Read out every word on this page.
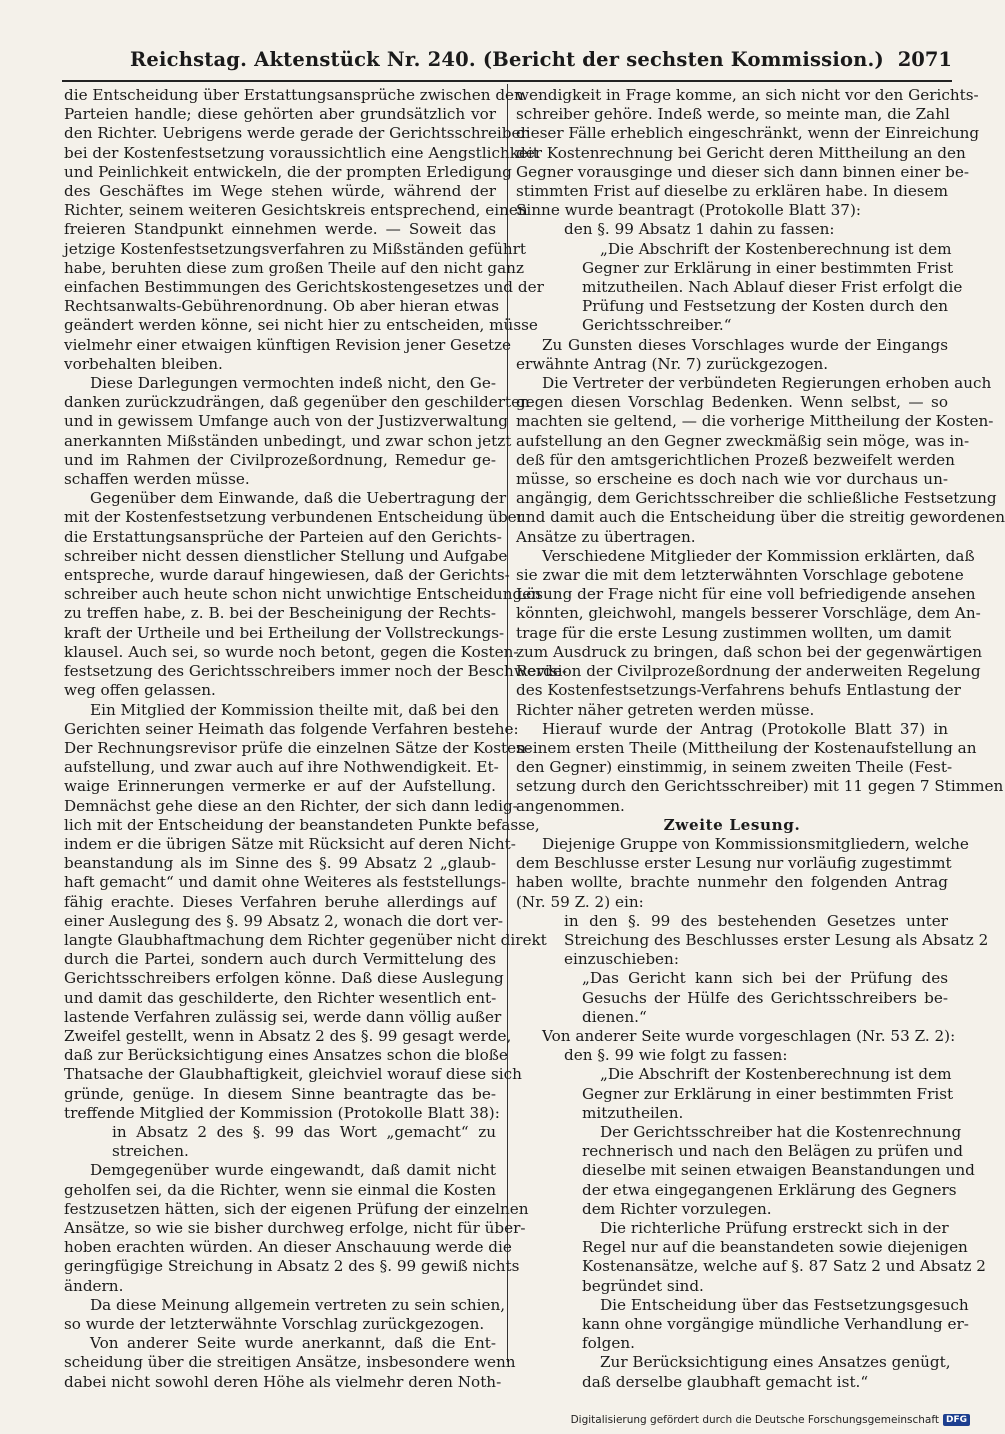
Reichstag. Aktenstück Nr. 240. (Bericht der sechsten Kommission.) 2071
die Entscheidung über Erstattungsansprüche zwischen den
Parteien handle; diese gehörten aber grundsätzlich vor
den Richter. Uebrigens werde gerade der Gerichtsschreiber
bei der Kostenfestsetzung voraussichtlich eine Aengstlichkeit
und Peinlichkeit entwickeln, die der prompten Erledigung
des Geschäftes im Wege stehen würde, während der
Richter, seinem weiteren Gesichtskreis entsprechend, einen
freieren Standpunkt einnehmen werde. — Soweit das
jetzige Kostenfestsetzungsverfahren zu Mißständen geführt
habe, beruhten diese zum großen Theile auf den nicht ganz
einfachen Bestimmungen des Gerichtskostengesetzes und der
Rechtsanwalts-Gebührenordnung. Ob aber hieran etwas
geändert werden könne, sei nicht hier zu entscheiden, müsse
vielmehr einer etwaigen künftigen Revision jener Gesetze
vorbehalten bleiben.
Diese Darlegungen vermochten indeß nicht, den Ge-
danken zurückzudrängen, daß gegenüber den geschilderten
und in gewissem Umfange auch von der Justizverwaltung
anerkannten Mißständen unbedingt, und zwar schon jetzt
und im Rahmen der Civilprozeßordnung, Remedur ge-
schaffen werden müsse.
Gegenüber dem Einwande, daß die Uebertragung der
mit der Kostenfestsetzung verbundenen Entscheidung über
die Erstattungsansprüche der Parteien auf den Gerichts-
schreiber nicht dessen dienstlicher Stellung und Aufgabe
entspreche, wurde darauf hingewiesen, daß der Gerichts-
schreiber auch heute schon nicht unwichtige Entscheidungen
zu treffen habe, z. B. bei der Bescheinigung der Rechts-
kraft der Urtheile und bei Ertheilung der Vollstreckungs-
klausel. Auch sei, so wurde noch betont, gegen die Kosten-
festsetzung des Gerichtsschreibers immer noch der Beschwerde-
weg offen gelassen.
Ein Mitglied der Kommission theilte mit, daß bei den
Gerichten seiner Heimath das folgende Verfahren bestehe:
Der Rechnungsrevisor prüfe die einzelnen Sätze der Kosten-
aufstellung, und zwar auch auf ihre Nothwendigkeit. Et-
waige Erinnerungen vermerke er auf der Aufstellung.
Demnächst gehe diese an den Richter, der sich dann ledig-
lich mit der Entscheidung der beanstandeten Punkte befasse,
indem er die übrigen Sätze mit Rücksicht auf deren Nicht-
beanstandung als im Sinne des §. 99 Absatz 2 „glaub-
haft gemacht“ und damit ohne Weiteres als feststellungs-
fähig erachte. Dieses Verfahren beruhe allerdings auf
einer Auslegung des §. 99 Absatz 2, wonach die dort ver-
langte Glaubhaftmachung dem Richter gegenüber nicht direkt
durch die Partei, sondern auch durch Vermittelung des
Gerichtsschreibers erfolgen könne. Daß diese Auslegung
und damit das geschilderte, den Richter wesentlich ent-
lastende Verfahren zulässig sei, werde dann völlig außer
Zweifel gestellt, wenn in Absatz 2 des §. 99 gesagt werde,
daß zur Berücksichtigung eines Ansatzes schon die bloße
Thatsache der Glaubhaftigkeit, gleichviel worauf diese sich
gründe, genüge. In diesem Sinne beantragte das be-
treffende Mitglied der Kommission (Protokolle Blatt 38):
in Absatz 2 des §. 99 das Wort „gemacht“ zu
streichen.
Demgegenüber wurde eingewandt, daß damit nicht
geholfen sei, da die Richter, wenn sie einmal die Kosten
festzusetzen hätten, sich der eigenen Prüfung der einzelnen
Ansätze, so wie sie bisher durchweg erfolge, nicht für über-
hoben erachten würden. An dieser Anschauung werde die
geringfügige Streichung in Absatz 2 des §. 99 gewiß nichts
ändern.
Da diese Meinung allgemein vertreten zu sein schien,
so wurde der letzterwähnte Vorschlag zurückgezogen.
Von anderer Seite wurde anerkannt, daß die Ent-
scheidung über die streitigen Ansätze, insbesondere wenn
dabei nicht sowohl deren Höhe als vielmehr deren Noth-
wendigkeit in Frage komme, an sich nicht vor den Gerichts-
schreiber gehöre. Indeß werde, so meinte man, die Zahl
dieser Fälle erheblich eingeschränkt, wenn der Einreichung
der Kostenrechnung bei Gericht deren Mittheilung an den
Gegner vorausginge und dieser sich dann binnen einer be-
stimmten Frist auf dieselbe zu erklären habe. In diesem
Sinne wurde beantragt (Protokolle Blatt 37):
den §. 99 Absatz 1 dahin zu fassen:
„Die Abschrift der Kostenberechnung ist dem
Gegner zur Erklärung in einer bestimmten Frist
mitzutheilen. Nach Ablauf dieser Frist erfolgt die
Prüfung und Festsetzung der Kosten durch den
Gerichtsschreiber.“
Zu Gunsten dieses Vorschlages wurde der Eingangs
erwähnte Antrag (Nr. 7) zurückgezogen.
Die Vertreter der verbündeten Regierungen erhoben auch
gegen diesen Vorschlag Bedenken. Wenn selbst, — so
machten sie geltend, — die vorherige Mittheilung der Kosten-
aufstellung an den Gegner zweckmäßig sein möge, was in-
deß für den amtsgerichtlichen Prozeß bezweifelt werden
müsse, so erscheine es doch nach wie vor durchaus un-
angängig, dem Gerichtsschreiber die schließliche Festsetzung
und damit auch die Entscheidung über die streitig gewordenen
Ansätze zu übertragen.
Verschiedene Mitglieder der Kommission erklärten, daß
sie zwar die mit dem letzterwähnten Vorschlage gebotene
Lösung der Frage nicht für eine voll befriedigende ansehen
könnten, gleichwohl, mangels besserer Vorschläge, dem An-
trage für die erste Lesung zustimmen wollten, um damit
zum Ausdruck zu bringen, daß schon bei der gegenwärtigen
Revision der Civilprozeßordnung der anderweiten Regelung
des Kostenfestsetzungs-Verfahrens behufs Entlastung der
Richter näher getreten werden müsse.
Hierauf wurde der Antrag (Protokolle Blatt 37) in
seinem ersten Theile (Mittheilung der Kostenaufstellung an
den Gegner) einstimmig, in seinem zweiten Theile (Fest-
setzung durch den Gerichtsschreiber) mit 11 gegen 7 Stimmen
angenommen.
Zweite Lesung.
Diejenige Gruppe von Kommissionsmitgliedern, welche
dem Beschlusse erster Lesung nur vorläufig zugestimmt
haben wollte, brachte nunmehr den folgenden Antrag
(Nr. 59 Z. 2) ein:
in den §. 99 des bestehenden Gesetzes unter
Streichung des Beschlusses erster Lesung als Absatz 2
einzuschieben:
„Das Gericht kann sich bei der Prüfung des
Gesuchs der Hülfe des Gerichtsschreibers be-
dienen.“
Von anderer Seite wurde vorgeschlagen (Nr. 53 Z. 2):
den §. 99 wie folgt zu fassen:
„Die Abschrift der Kostenberechnung ist dem
Gegner zur Erklärung in einer bestimmten Frist
mitzutheilen.
Der Gerichtsschreiber hat die Kostenrechnung
rechnerisch und nach den Belägen zu prüfen und
dieselbe mit seinen etwaigen Beanstandungen und
der etwa eingegangenen Erklärung des Gegners
dem Richter vorzulegen.
Die richterliche Prüfung erstreckt sich in der
Regel nur auf die beanstandeten sowie diejenigen
Kostenansätze, welche auf §. 87 Satz 2 und Absatz 2
begründet sind.
Die Entscheidung über das Festsetzungsgesuch
kann ohne vorgängige mündliche Verhandlung er-
folgen.
Zur Berücksichtigung eines Ansatzes genügt,
daß derselbe glaubhaft gemacht ist.“
Digitalisierung gefördert durch die Deutsche Forschungsgemeinschaft DFG
